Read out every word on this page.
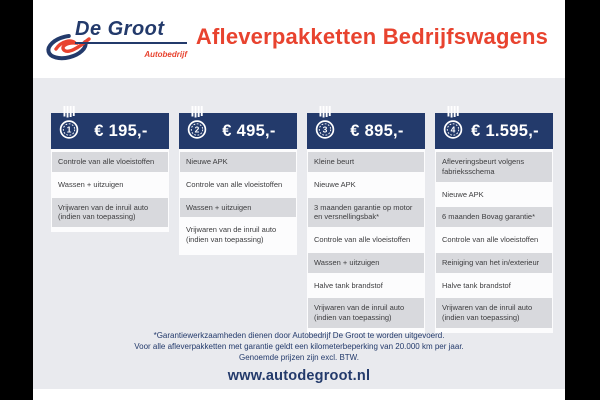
De Groot
Autobedrijf
Afleverpakketten Bedrijfswagens
1	€ 195,-
Controle van alle vloeistoffen
Wassen + uitzuigen
Vrijwaren van de inruil auto (indien van toepassing)
2	€ 495,-
Nieuwe APK
Controle van alle vloeistoffen
Wassen + uitzuigen
Vrijwaren van de inruil auto (indien van toepassing)
3	€ 895,-
Kleine beurt
Nieuwe APK
3 maanden garantie op motor en versnellingsbak*
Controle van alle vloeistoffen
Wassen + uitzuigen
Halve tank brandstof
Vrijwaren van de inruil auto (indien van toepassing)
4 € 1.595,-
Afleveringsbeurt volgens fabrieksschema
Nieuwe APK
6 maanden Bovag garantie*
Controle van alle vloeistoffen
Reiniging van het in/exterieur
Halve tank brandstof
Vrijwaren van de inruil auto (indien van toepassing)
*Garantiewerkzaamheden dienen door Autobedrijf De Groot te worden uitgevoerd.
Voor alle afleverpakketten met garantie geldt een kilometerbeperking van 20.000 km per jaar.
Genoemde prijzen zijn excl. BTW.
www.autodegroot.nl
